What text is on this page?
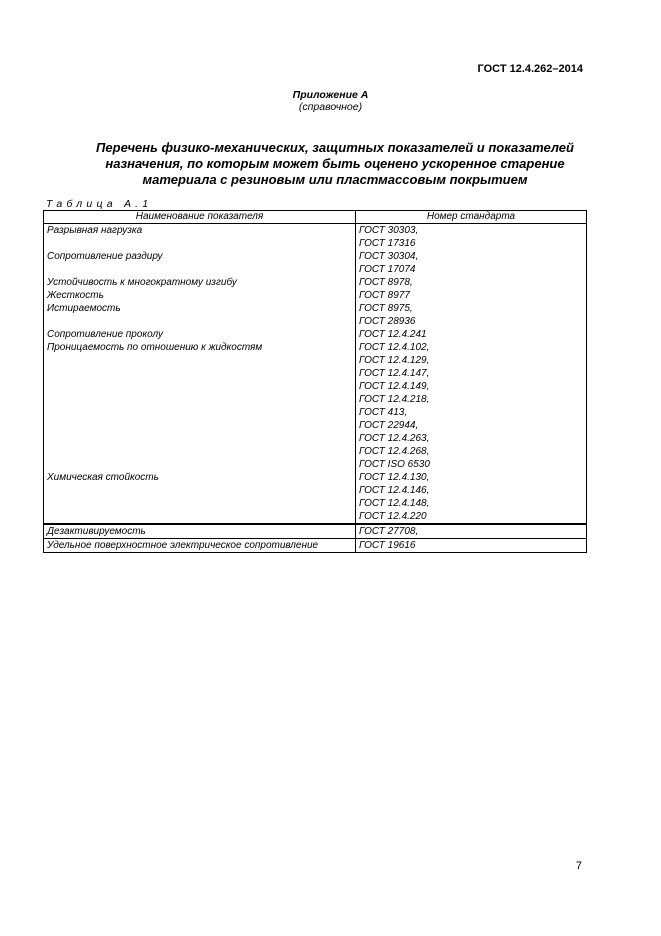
ГОСТ 12.4.262–2014

Приложение А
(справочное)
Перечень физико-механических, защитных показателей и показателей
назначения, по которым может быть оценено ускоренное старение
материала с резиновым или пластмассовым покрытием

Таблица А.1

Наименование показателя	Номер стандарта
Разрывная нагрузка	ГОСТ 30303,
	ГОСТ 17316
Сопротивление раздиру	ГОСТ 30304,
	ГОСТ 17074
Устойчивость к многократному изгибу	ГОСТ 8978,
Жесткость	ГОСТ 8977
Истираемость	ГОСТ 8975,
	ГОСТ 28936
Сопротивление проколу	ГОСТ 12.4.241
Проницаемость по отношению к жидкостям	ГОСТ 12.4.102,
	ГОСТ 12.4.129,
	ГОСТ 12.4.147,
	ГОСТ 12.4.149,
	ГОСТ 12.4.218,
	ГОСТ 413,
	ГОСТ 22944,
	ГОСТ 12.4.263,
	ГОСТ 12.4.268,
	ГОСТ ISO 6530
Химическая стойкость	ГОСТ 12.4.130,
	ГОСТ 12.4.146,
	ГОСТ 12.4.148,
	ГОСТ 12.4.220
Дезактивируемость	ГОСТ 27708,
Удельное поверхностное электрическое сопротивление	ГОСТ 19616

7
